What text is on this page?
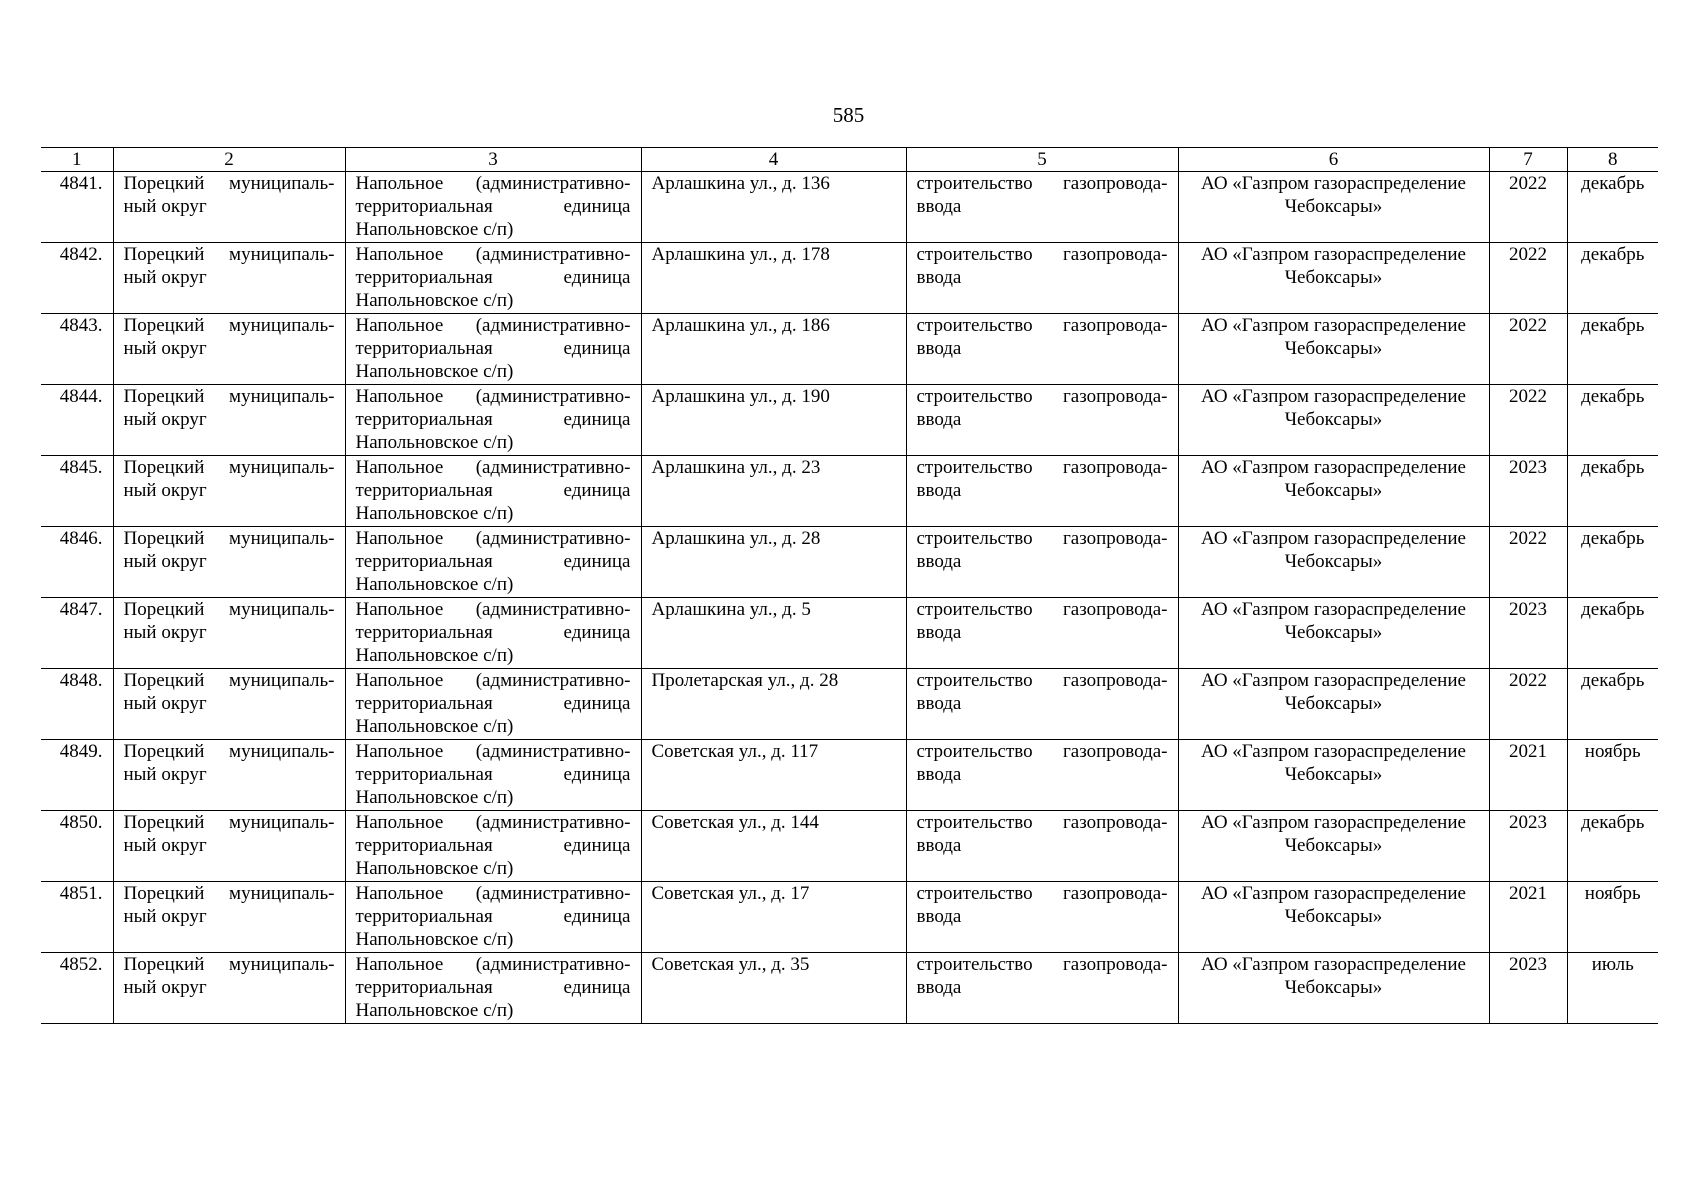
585
1	2	3	4	5	6	7	8
4841.	Порецкий муниципаль-ный округ	Напольное (административно-территориальная единица Напольновское с/п)	Арлашкина ул., д. 136	строительство газопровода-ввода	АО «Газпром газораспределение Чебоксары»	2022	декабрь
4842.	Порецкий муниципаль-ный округ	Напольное (административно-территориальная единица Напольновское с/п)	Арлашкина ул., д. 178	строительство газопровода-ввода	АО «Газпром газораспределение Чебоксары»	2022	декабрь
4843.	Порецкий муниципаль-ный округ	Напольное (административно-территориальная единица Напольновское с/п)	Арлашкина ул., д. 186	строительство газопровода-ввода	АО «Газпром газораспределение Чебоксары»	2022	декабрь
4844.	Порецкий муниципаль-ный округ	Напольное (административно-территориальная единица Напольновское с/п)	Арлашкина ул., д. 190	строительство газопровода-ввода	АО «Газпром газораспределение Чебоксары»	2022	декабрь
4845.	Порецкий муниципаль-ный округ	Напольное (административно-территориальная единица Напольновское с/п)	Арлашкина ул., д. 23	строительство газопровода-ввода	АО «Газпром газораспределение Чебоксары»	2023	декабрь
4846.	Порецкий муниципаль-ный округ	Напольное (административно-территориальная единица Напольновское с/п)	Арлашкина ул., д. 28	строительство газопровода-ввода	АО «Газпром газораспределение Чебоксары»	2022	декабрь
4847.	Порецкий муниципаль-ный округ	Напольное (административно-территориальная единица Напольновское с/п)	Арлашкина ул., д. 5	строительство газопровода-ввода	АО «Газпром газораспределение Чебоксары»	2023	декабрь
4848.	Порецкий муниципаль-ный округ	Напольное (административно-территориальная единица Напольновское с/п)	Пролетарская ул., д. 28	строительство газопровода-ввода	АО «Газпром газораспределение Чебоксары»	2022	декабрь
4849.	Порецкий муниципаль-ный округ	Напольное (административно-территориальная единица Напольновское с/п)	Советская ул., д. 117	строительство газопровода-ввода	АО «Газпром газораспределение Чебоксары»	2021	ноябрь
4850.	Порецкий муниципаль-ный округ	Напольное (административно-территориальная единица Напольновское с/п)	Советская ул., д. 144	строительство газопровода-ввода	АО «Газпром газораспределение Чебоксары»	2023	декабрь
4851.	Порецкий муниципаль-ный округ	Напольное (административно-территориальная единица Напольновское с/п)	Советская ул., д. 17	строительство газопровода-ввода	АО «Газпром газораспределение Чебоксары»	2021	ноябрь
4852.	Порецкий муниципаль-ный округ	Напольное (административно-территориальная единица Напольновское с/п)	Советская ул., д. 35	строительство газопровода-ввода	АО «Газпром газораспределение Чебоксары»	2023	июль
